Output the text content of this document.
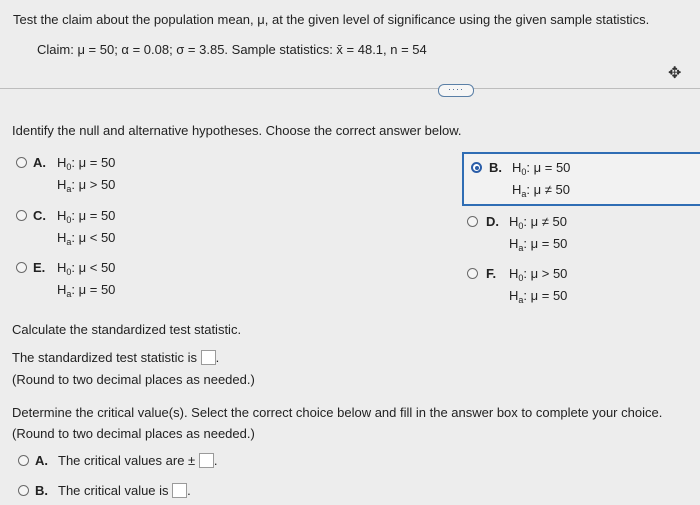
Test the claim about the population mean, μ, at the given level of significance using the given sample statistics.
Claim: μ = 50; α = 0.08; σ = 3.85. Sample statistics: x̄ = 48.1, n = 54
✥
····
Identify the null and alternative hypotheses. Choose the correct answer below.
A. $H_0$: μ = 50
$H_a$: μ > 50
B. $H_0$: μ = 50
$H_a$: μ ≠ 50
C. $H_0$: μ = 50
$H_a$: μ < 50
D. $H_0$: μ ≠ 50
$H_a$: μ = 50
E. $H_0$: μ < 50
$H_a$: μ = 50
F. $H_0$: μ > 50
$H_a$: μ = 50
Calculate the standardized test statistic.
The standardized test statistic is .
(Round to two decimal places as needed.)
Determine the critical value(s). Select the correct choice below and fill in the answer box to complete your choice.
(Round to two decimal places as needed.)
A. The critical values are ± .
B. The critical value is .
